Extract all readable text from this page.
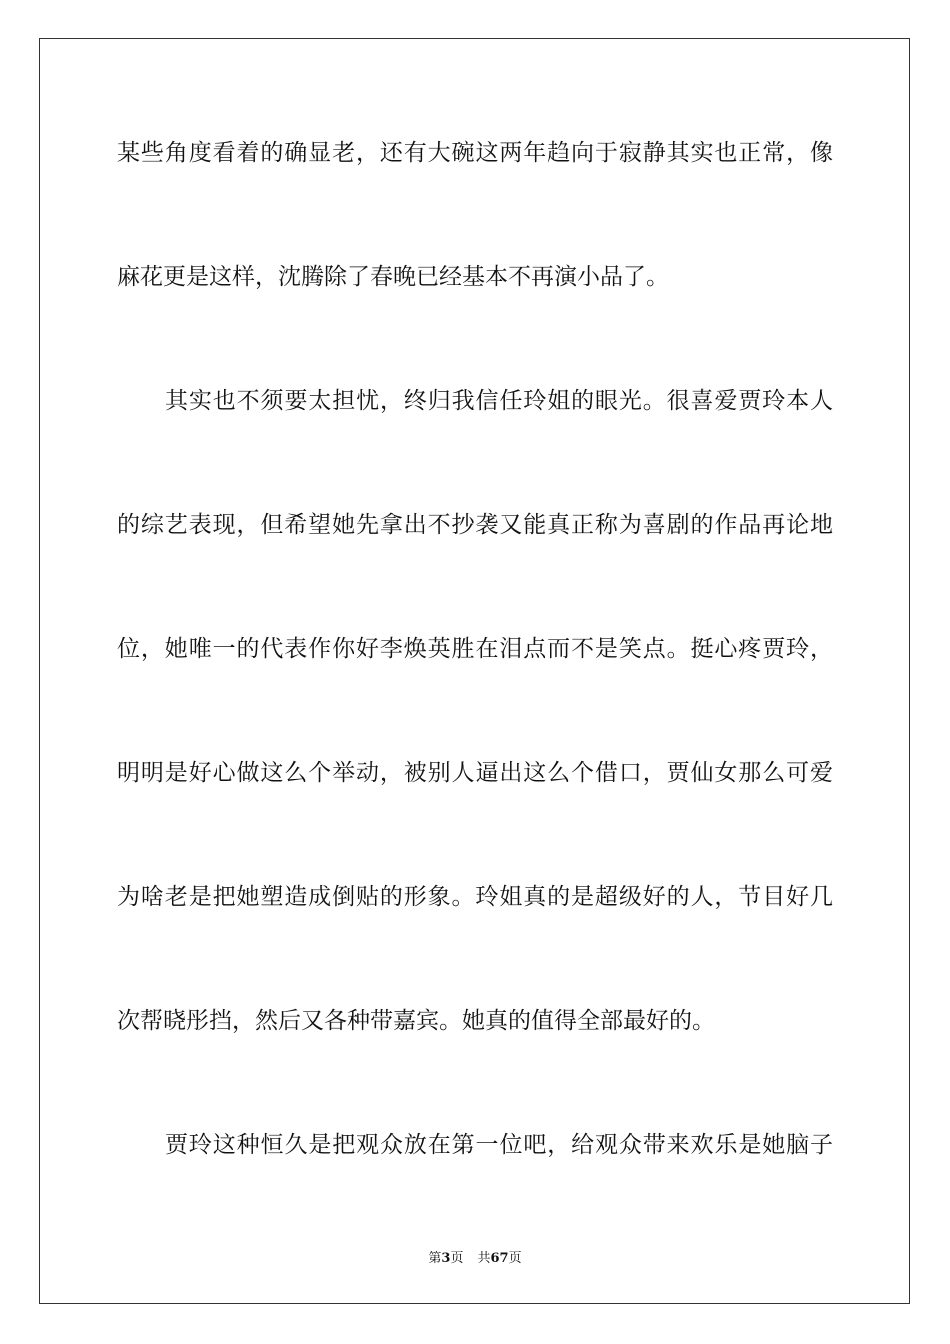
某些角度看着的确显老，还有大碗这两年趋向于寂静其实也正常，像
麻花更是这样，沈腾除了春晚已经基本不再演小品了。
其实也不须要太担忧，终归我信任玲姐的眼光。很喜爱贾玲本人
的综艺表现，但希望她先拿出不抄袭又能真正称为喜剧的作品再论地
位，她唯一的代表作你好李焕英胜在泪点而不是笑点。挺心疼贾玲，
明明是好心做这么个举动，被别人逼出这么个借口，贾仙女那么可爱
为啥老是把她塑造成倒贴的形象。玲姐真的是超级好的人，节目好几
次帮晓彤挡，然后又各种带嘉宾。她真的值得全部最好的。
贾玲这种恒久是把观众放在第一位吧，给观众带来欢乐是她脑子
第3页 共67页
